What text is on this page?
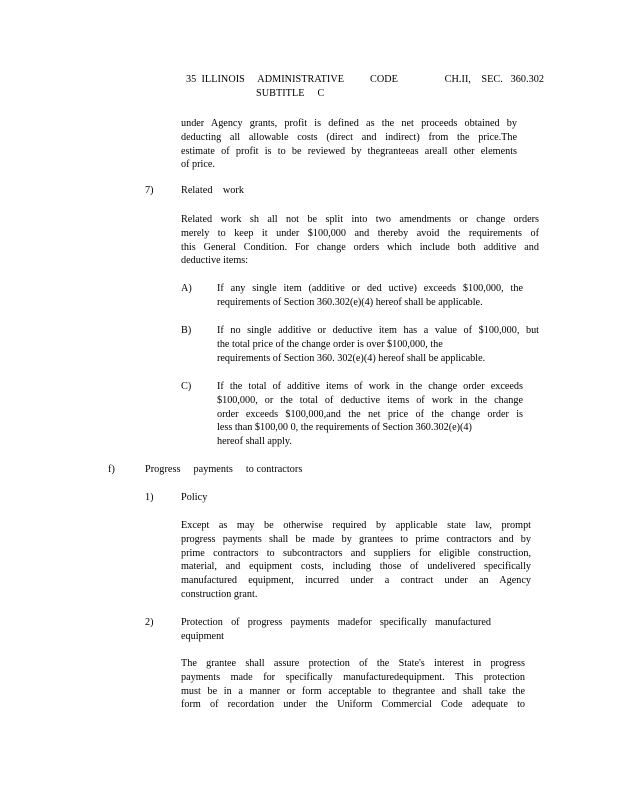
35  ILLINOIS     ADMINISTRATIVE          CODE                  CH.II,    SEC.   360.302
SUBTITLE     C
under Agency grants, profit is defined as the net proceeds obtained by
deducting all allowable costs (direct and indirect) from the price.The
estimate of profit is to be reviewed by thegranteeas areall other elements
of price.
7)	Related    work
Related work sh all not be split into two amendments or change orders
merely to keep it under $100,000 and thereby avoid the requirements of
this General Condition. For change orders which include both additive and
deductive items:
A) If any single item (additive or ded uctive) exceeds $100,000, the
requirements of Section 360.302(e)(4) hereof shall be applicable.
B)	If no single additive or deductive item has a value of $100,000, but
the total price of the change order is over $100,000, the
requirements of Section 360. 302(e)(4) hereof shall be applicable.
C)	If the total of additive items of work in the change order exceeds
$100,000, or the total of deductive items of work in the change
order exceeds $100,000,and the net price of the change order is
less than $100,00 0, the requirements of Section 360.302(e)(4)
hereof shall apply.
f)	Progress     payments     to contractors
1)	Policy
Except as may be otherwise required by applicable state law, prompt
progress payments shall be made by grantees to prime contractors and by
prime contractors to subcontractors and suppliers for eligible construction,
material, and equipment costs, including those of undelivered specifically
manufactured equipment, incurred under a contract under an Agency
construction grant.
2)	Protection of progress payments madefor specifically manufactured
equipment
The grantee shall assure protection of the State's interest in progress
payments made for specifically manufacturedequipment. This protection
must be in a manner or form acceptable to thegrantee and shall take the
form of recordation under the Uniform Commercial Code adequate to
